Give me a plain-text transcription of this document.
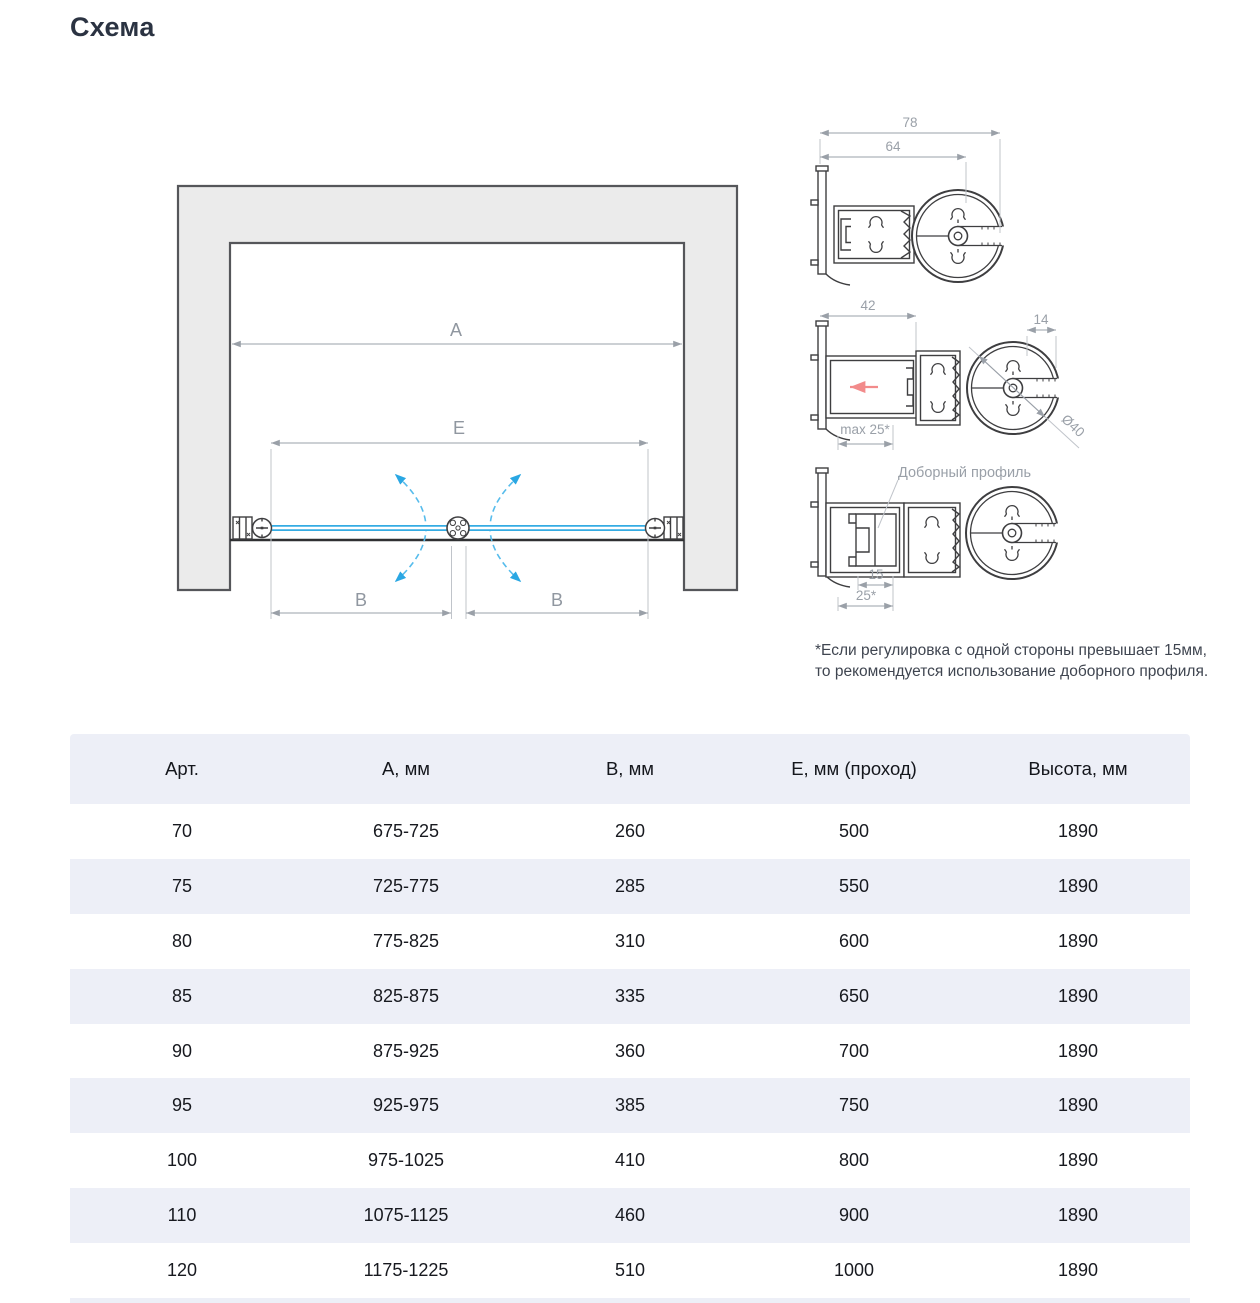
Схема
A
E
B	B
78
64
42
14
Ø40
max 25*
Доборный профиль
15
25*
*Если регулировка с одной стороны превышает 15мм,
то рекомендуется использование доборного профиля.
Арт.	А, мм	В, мм	Е, мм (проход)	Высота, мм
70	675-725	260	500	1890
75	725-775	285	550	1890
80	775-825	310	600	1890
85	825-875	335	650	1890
90	875-925	360	700	1890
95	925-975	385	750	1890
100	975-1025	410	800	1890
110	1075-1125	460	900	1890
120	1175-1225	510	1000	1890
